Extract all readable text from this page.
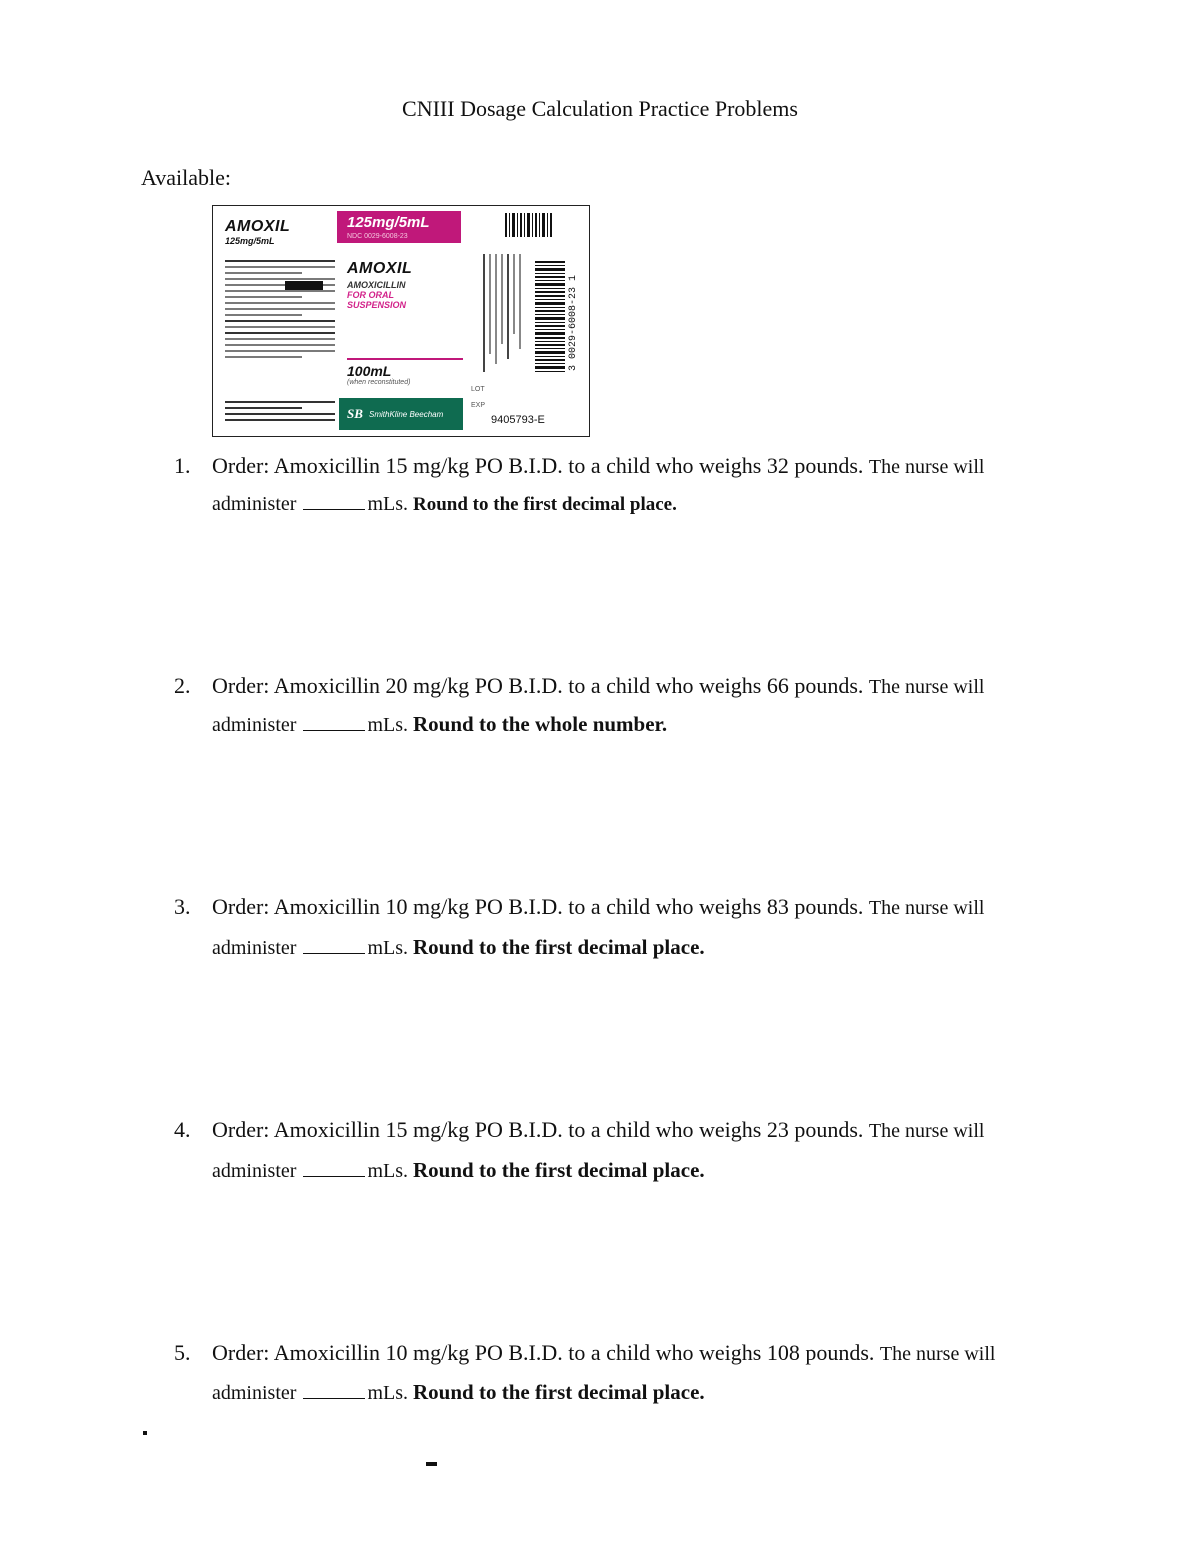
CNIII Dosage Calculation Practice Problems
Available:
AMOXIL
125mg/5mL
125mg/5mL
NDC 0029-6008-23
AMOXIL
AMOXICILLIN
FOR ORAL
SUSPENSION
100mL
(when reconstituted)
SB SmithKline Beecham
LOT
EXP
9405793-E
3 0029-6008-23 1
1. Order: Amoxicillin 15 mg/kg PO B.I.D. to a child who weighs 32 pounds. The nurse will
administer	mLs. Round to the first decimal place.
2. Order: Amoxicillin 20 mg/kg PO B.I.D. to a child who weighs 66 pounds. The nurse will
administer	mLs. Round to the whole number.
3. Order: Amoxicillin 10 mg/kg PO B.I.D. to a child who weighs 83 pounds. The nurse will
administer	mLs. Round to the first decimal place.
4. Order: Amoxicillin 15 mg/kg PO B.I.D. to a child who weighs 23 pounds. The nurse will
administer	mLs. Round to the first decimal place.
5. Order: Amoxicillin 10 mg/kg PO B.I.D. to a child who weighs 108 pounds. The nurse will
administer	mLs. Round to the first decimal place.
